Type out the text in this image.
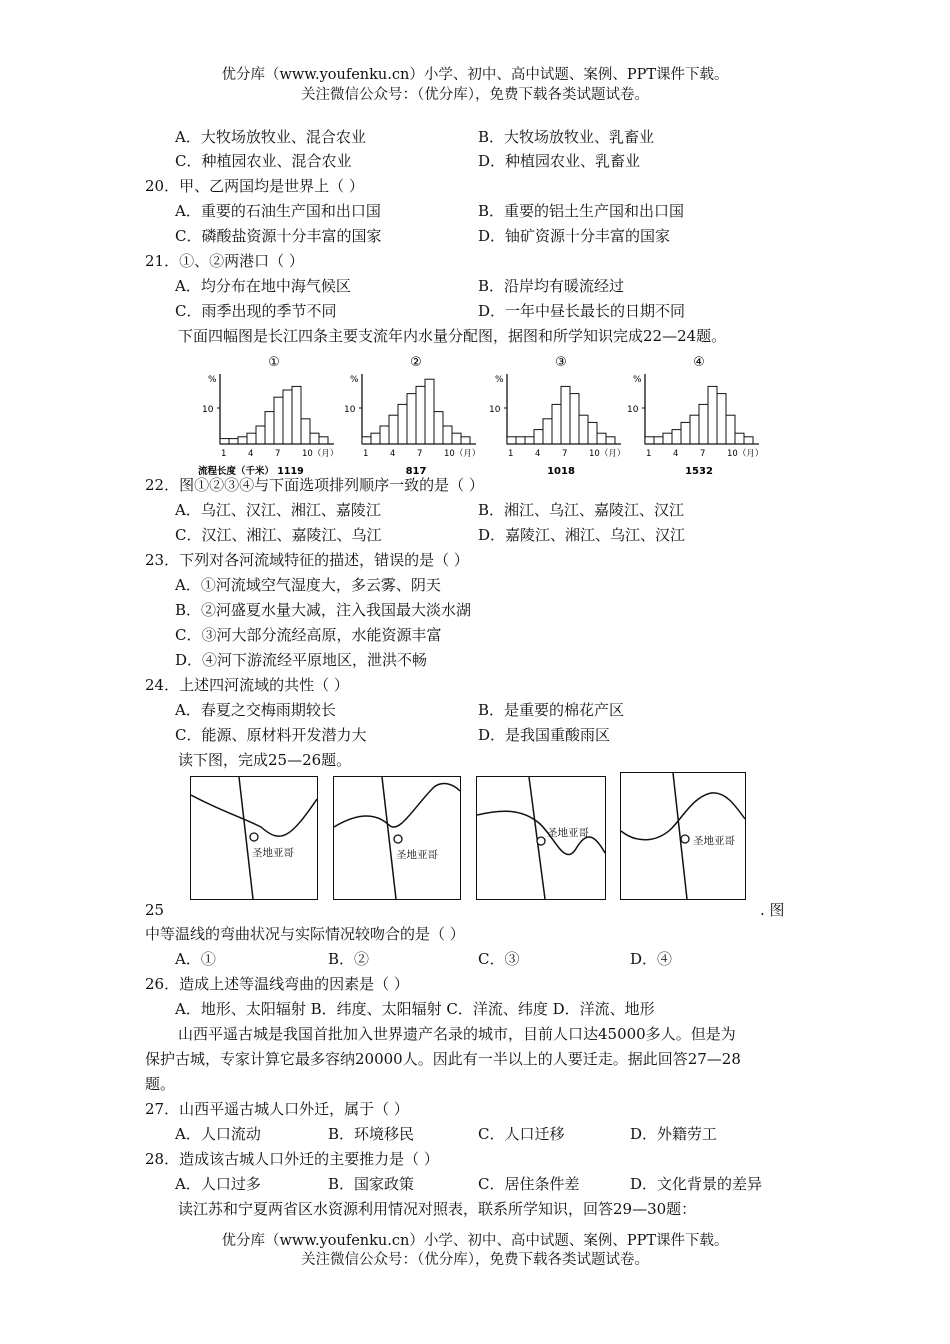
优分库（www.youfenku.cn）小学、初中、高中试题、案例、PPT课件下载。
关注微信公众号：（优分库），免费下载各类试题试卷。
A．大牧场放牧业、混合农业	B．大牧场放牧业、乳畜业
C．种植园农业、混合农业	D．种植园农业、乳畜业
20．甲、乙两国均是世界上（ ）
A．重要的石油生产国和出口国	B．重要的铝土生产国和出口国
C．磷酸盐资源十分丰富的国家	D．铀矿资源十分丰富的国家
21．①、②两港口（ ）
A．均分布在地中海气候区	B．沿岸均有暖流经过
C．雨季出现的季节不同	D．一年中昼长最长的日期不同
下面四幅图是长江四条主要支流年内水量分配图，据图和所学知识完成22—24题。
①
%
10
1	4	7	10（月）
流程长度（千米） 1119
②
%
10
1	4	7	10（月）
817
③
%
10
1	4	7	10（月）
1018
④
%
10
1	4	7	10（月）
1532
22．图①②③④与下面选项排列顺序一致的是（ ）
A．乌江、汉江、湘江、嘉陵江	B．湘江、乌江、嘉陵江、汉江
C．汉江、湘江、嘉陵江、乌江	D．嘉陵江、湘江、乌江、汉江
23．下列对各河流域特征的描述，错误的是（ ）
A．①河流域空气湿度大，多云雾、阴天
B．②河盛夏水量大减，注入我国最大淡水湖
C．③河大部分流经高原，水能资源丰富
D．④河下游流经平原地区，泄洪不畅
24．上述四河流域的共性（ ）
A．春夏之交梅雨期较长	B．是重要的棉花产区
C．能源、原材料开发潜力大	D．是我国重酸雨区
读下图，完成25—26题。
圣地亚哥	圣地亚哥
圣地亚哥
圣地亚哥
25	. 图
中等温线的弯曲状况与实际情况较吻合的是（ ）
A．①	B．②	C．③	D．④
26．造成上述等温线弯曲的因素是（ ）
A．地形、太阳辐射 B．纬度、太阳辐射 C．洋流、纬度 D．洋流、地形
山西平遥古城是我国首批加入世界遗产名录的城市，目前人口达45000多人。但是为
保护古城，专家计算它最多容纳20000人。因此有一半以上的人要迁走。据此回答27—28
题。
27．山西平遥古城人口外迁，属于（ ）
A．人口流动	B．环境移民	C．人口迁移	D．外籍劳工
28．造成该古城人口外迁的主要推力是（ ）
A．人口过多	B．国家政策	C．居住条件差	D．文化背景的差异
读江苏和宁夏两省区水资源利用情况对照表，联系所学知识，回答29—30题：
优分库（www.youfenku.cn）小学、初中、高中试题、案例、PPT课件下载。
关注微信公众号：（优分库），免费下载各类试题试卷。
